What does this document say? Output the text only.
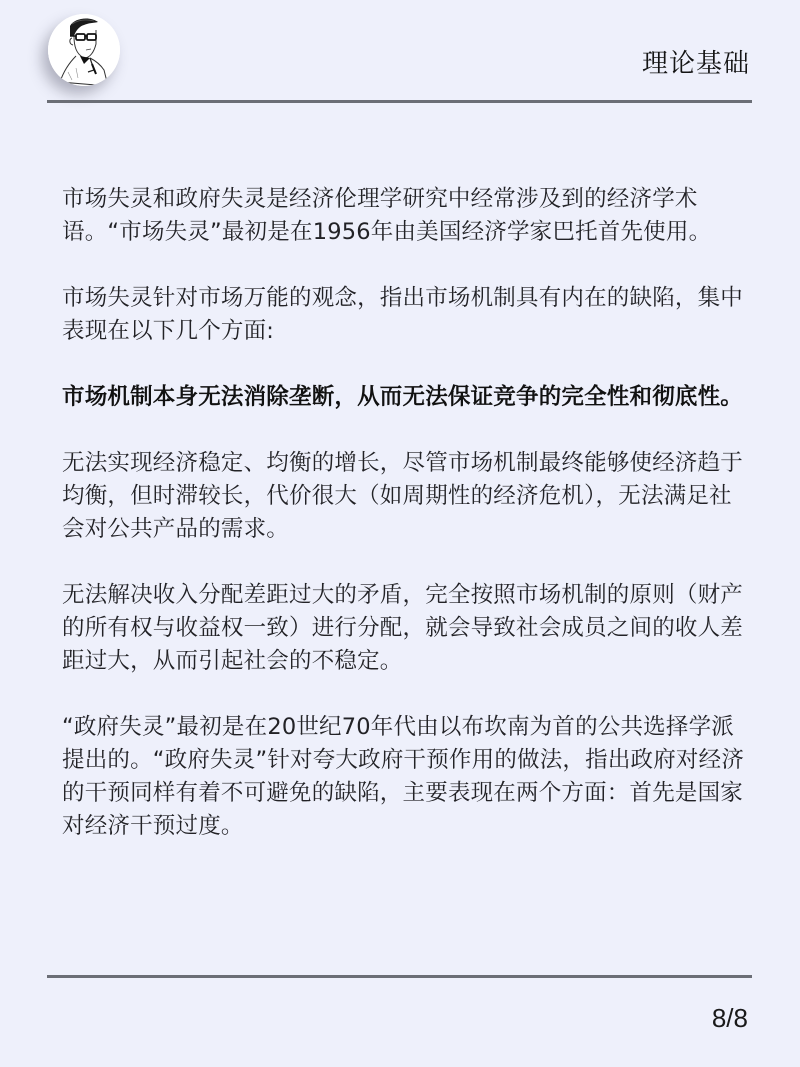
理论基础

市场失灵和政府失灵是经济伦理学研究中经常涉及到的经济学术语。“市场失灵”最初是在1956年由美国经济学家巴托首先使用。

市场失灵针对市场万能的观念，指出市场机制具有内在的缺陷，集中表现在以下几个方面:

市场机制本身无法消除垄断，从而无法保证竞争的完全性和彻底性。

无法实现经济稳定、均衡的增长，尽管市场机制最终能够使经济趋于均衡，但时滞较长，代价很大（如周期性的经济危机），无法满足社会对公共产品的需求。

无法解决收入分配差距过大的矛盾，完全按照市场机制的原则（财产的所有权与收益权一致）进行分配，就会导致社会成员之间的收人差距过大，从而引起社会的不稳定。

“政府失灵”最初是在20世纪70年代由以布坎南为首的公共选择学派提出的。“政府失灵”针对夸大政府干预作用的做法，指出政府对经济的干预同样有着不可避免的缺陷，主要表现在两个方面：首先是国家对经济干预过度。

8/8
